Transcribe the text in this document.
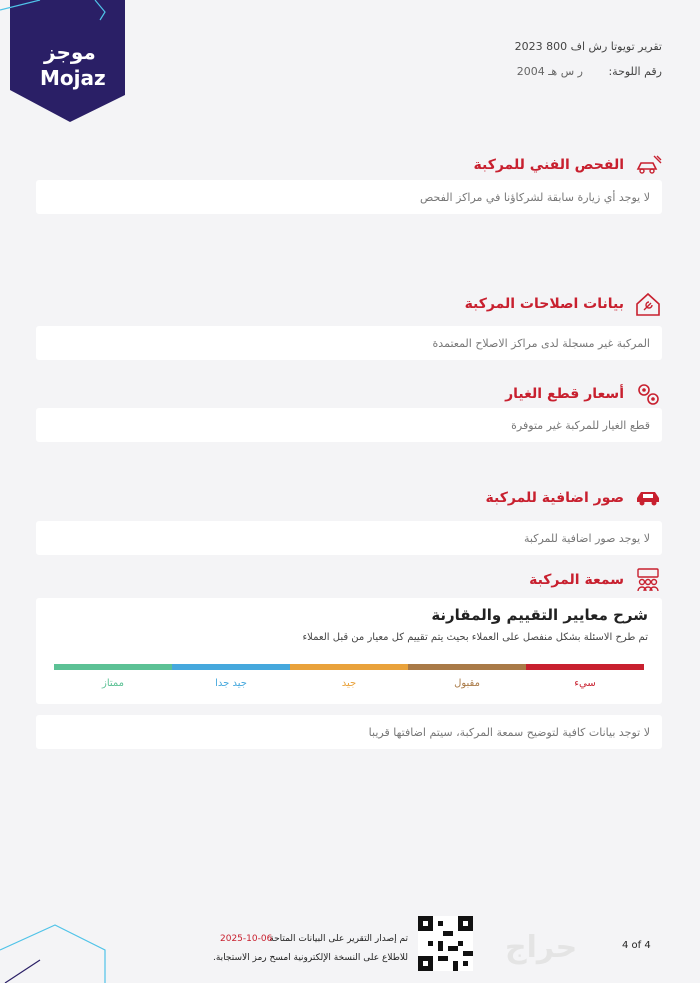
موجز
Mojaz
تقرير تويوتا رش اف 800 2023
رقم اللوحة: ر س هـ 2004
الفحص الفني للمركبة
لا يوجد أي زيارة سابقة لشركاؤنا في مراكز الفحص
بيانات اصلاحات المركبة
المركبة غير مسجلة لدى مراكز الاصلاح المعتمدة
أسعار قطع الغيار
قطع الغيار للمركبة غير متوفرة
صور اضافية للمركبة
لا يوجد صور اضافية للمركبة
سمعة المركبة
شرح معايير التقييم والمقارنة
تم طرح الاسئلة بشكل منفصل على العملاء بحيث يتم تقييم كل معيار من قبل العملاء
ممتاز	جيد جدا	جيد	مقبول	سيء
لا توجد بيانات كافية لتوضيح سمعة المركبة، سيتم اضافتها قريبا
تم إصدار التقرير على البيانات المتاحة
2025-10-06
للاطلاع على النسخة الإلكترونية امسح رمز الاستجابة.	حراج	4 of 4
